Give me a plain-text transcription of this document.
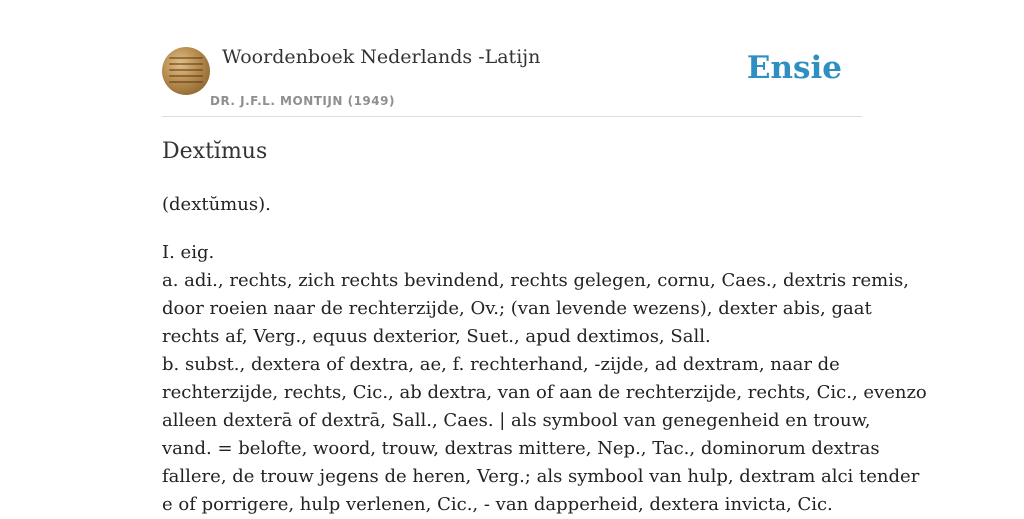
Woordenboek Nederlands -Latijn
DR. J.F.L. MONTIJN (1949)
Ensie
Dextĭmus

(dextŭmus).

I. eig.
a. adi., rechts, zich rechts bevindend, rechts gelegen, cornu, Caes., dextris remis,
door roeien naar de rechterzijde, Ov.; (van levende wezens), dexter abis, gaat
rechts af, Verg., equus dexterior, Suet., apud dextimos, Sall.
b. subst., dextera of dextra, ae, f. rechterhand, -zijde, ad dextram, naar de
rechterzijde, rechts, Cic., ab dextra, van of aan de rechterzijde, rechts, Cic., evenzo
alleen dexterā of dextrā, Sall., Caes. | als symbool van genegenheid en trouw,
vand. = belofte, woord, trouw, dextras mittere, Nep., Tac., dominorum dextras
fallere, de trouw jegens de heren, Verg.; als symbool van hulp, dextram alci tender
e of porrigere, hulp verlenen, Cic., - van dapperheid, dextera invicta, Cic.
